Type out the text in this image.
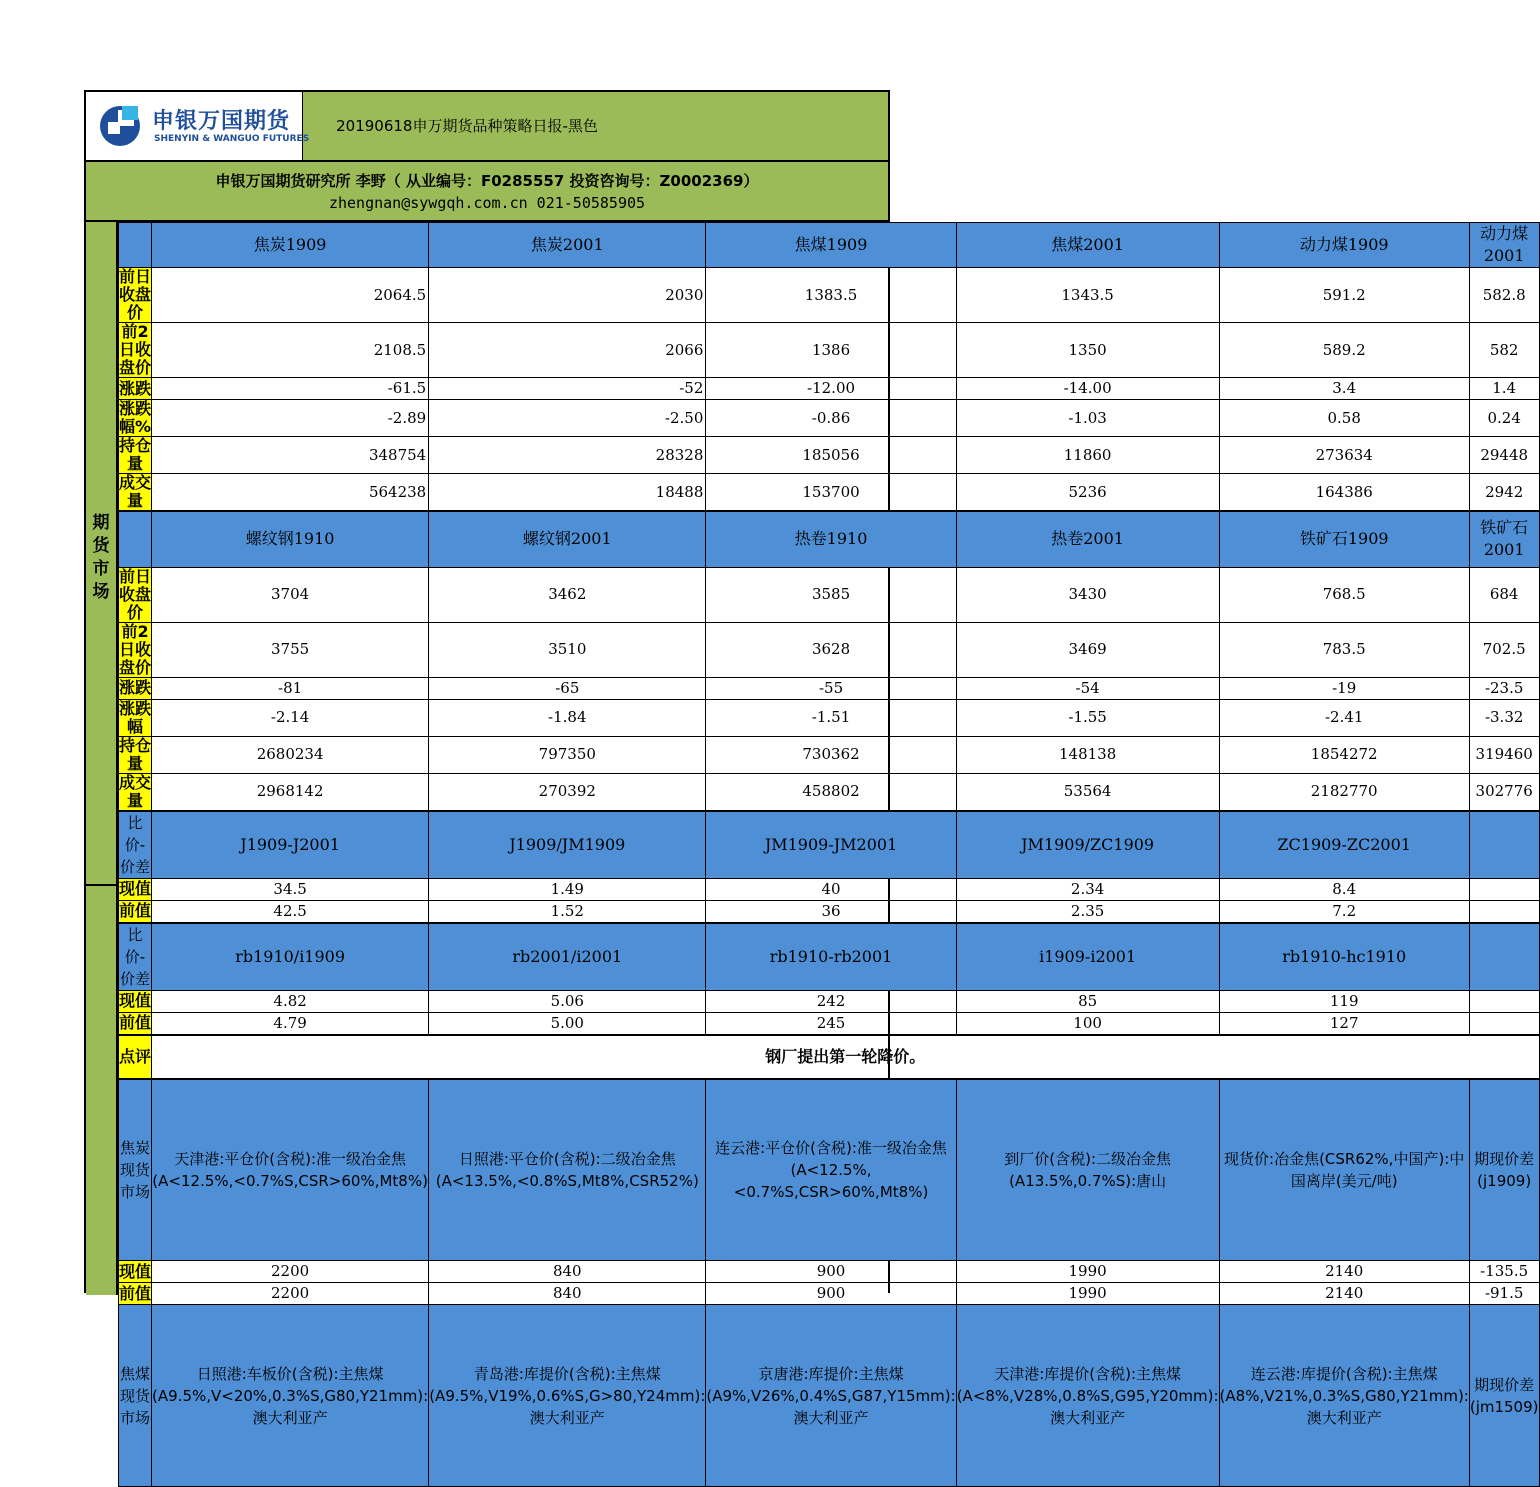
申银万国期货
SHENYIN & WANGUO FUTURES
20190618申万期货品种策略日报-黑色
申银万国期货研究所 李野（ 从业编号：F0285557 投资咨询号：Z0002369）
zhengnan@sywgqh.com.cn 021-50585905
期货市场
	焦炭1909	焦炭2001	焦煤1909	焦煤2001	动力煤1909	动力煤2001
前日收盘价	2064.5	2030	1383.5	1343.5	591.2	582.8
前2日收盘价	2108.5	2066	1386	1350	589.2	582
涨跌	-61.5	-52	-12.00	-14.00	3.4	1.4
涨跌幅%	-2.89	-2.50	-0.86	-1.03	0.58	0.24
持仓量	348754	28328	185056	11860	273634	29448
成交量	564238	18488	153700	5236	164386	2942
	螺纹钢1910	螺纹钢2001	热卷1910	热卷2001	铁矿石1909	铁矿石2001
前日收盘价	3704	3462	3585	3430	768.5	684
前2日收盘价	3755	3510	3628	3469	783.5	702.5
涨跌	-81	-65	-55	-54	-19	-23.5
涨跌幅	-2.14	-1.84	-1.51	-1.55	-2.41	-3.32
持仓量	2680234	797350	730362	148138	1854272	319460
成交量	2968142	270392	458802	53564	2182770	302776
比价-价差	J1909-J2001	J1909/JM1909	JM1909-JM2001	JM1909/ZC1909	ZC1909-ZC2001	
现值	34.5	1.49	40	2.34	8.4	
前值	42.5	1.52	36	2.35	7.2	
比价-价差	rb1910/i1909	rb2001/i2001	rb1910-rb2001	i1909-i2001	rb1910-hc1910	
现值	4.82	5.06	242	85	119	
前值	4.79	5.00	245	100	127	
点评	钢厂提出第一轮降价。					
焦炭现货市场	天津港:平仓价(含税):准一级冶金焦(A<12.5%,<0.7%S,CSR>60%,Mt8%)	日照港:平仓价(含税):二级冶金焦(A<13.5%,<0.8%S,Mt8%,CSR52%)	连云港:平仓价(含税):准一级冶金焦(A<12.5%,<0.7%S,CSR>60%,Mt8%)	到厂价(含税):二级冶金焦(A13.5%,0.7%S):唐山	现货价:冶金焦(CSR62%,中国产):中国离岸(美元/吨)	期现价差(j1909)
现值	2200	840	900	1990	2140	-135.5
前值	2200	840	900	1990	2140	-91.5
焦煤现货市场	日照港:车板价(含税):主焦煤(A9.5%,V<20%,0.3%S,G80,Y21mm):澳大利亚产	青岛港:库提价(含税):主焦煤(A9.5%,V19%,0.6%S,G>80,Y24mm):澳大利亚产	京唐港:库提价:主焦煤(A9%,V26%,0.4%S,G87,Y15mm):澳大利亚产	天津港:库提价(含税):主焦煤(A<8%,V28%,0.8%S,G95,Y20mm):澳大利亚产	连云港:库提价(含税):主焦煤(A8%,V21%,0.3%S,G80,Y21mm):澳大利亚产	期现价差(jm1509)
